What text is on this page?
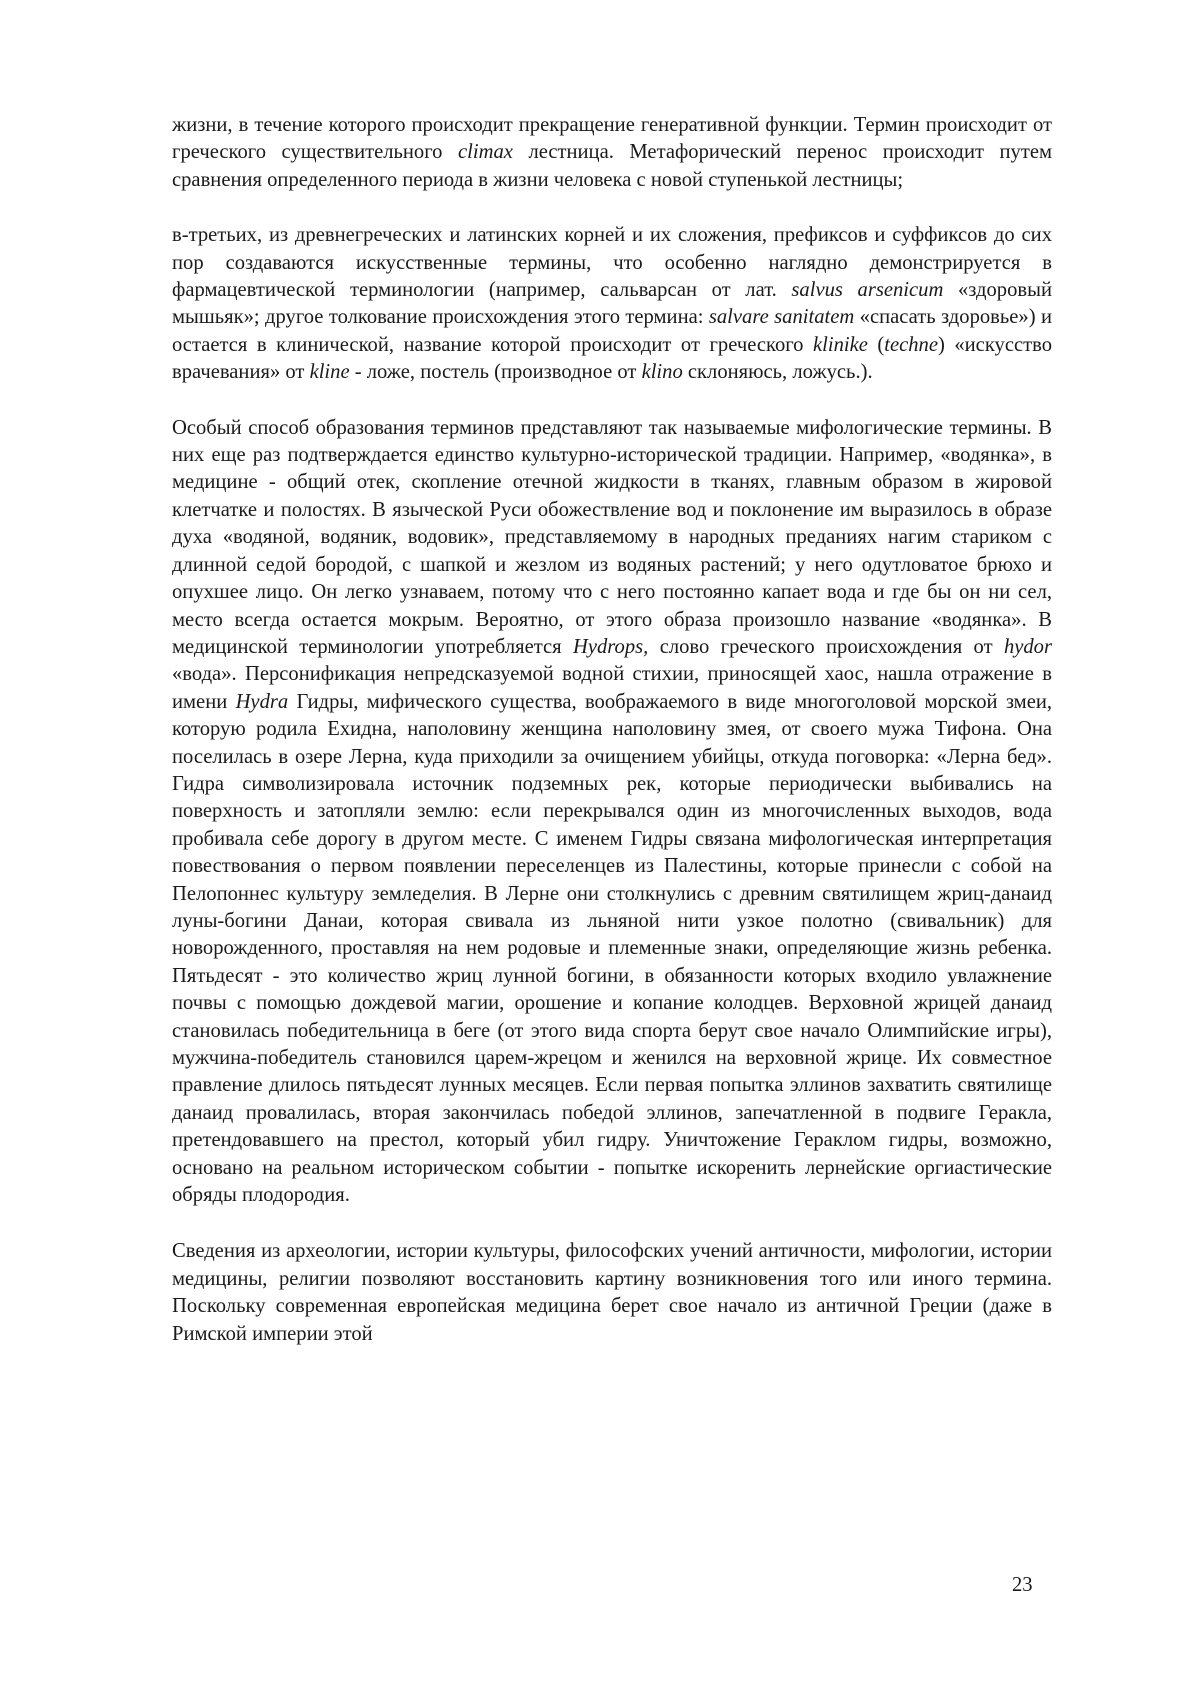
жизни, в течение которого происходит прекращение генеративной функции. Термин происходит от греческого существительного climax лестница. Метафорический перенос происходит путем сравнения определенного периода в жизни человека с новой ступенькой лестницы;

в-третьих, из древнегреческих и латинских корней и их сложения, префиксов и суффиксов до сих пор создаваются искусственные термины, что особенно наглядно демонстрируется в фармацевтической терминологии (например, сальварсан от лат. salvus arsenicum «здоровый мышьяк»; другое толкование происхождения этого термина: salvare sanitatem «спасать здоровье») и остается в клинической, название которой происходит от греческого klinike (techne) «искусство врачевания» от kline - ложе, постель (производное от klino склоняюсь, ложусь.).

Особый способ образования терминов представляют так называемые мифологические термины. В них еще раз подтверждается единство культурно-исторической традиции. Например, «водянка», в медицине - общий отек, скопление отечной жидкости в тканях, главным образом в жировой клетчатке и полостях. В языческой Руси обожествление вод и поклонение им выразилось в образе духа «водяной, водяник, водовик», представляемому в народных преданиях нагим стариком с длинной седой бородой, с шапкой и жезлом из водяных растений; у него одутловатое брюхо и опухшее лицо. Он легко узнаваем, потому что с него постоянно капает вода и где бы он ни сел, место всегда остается мокрым. Вероятно, от этого образа произошло название «водянка». В медицинской терминологии употребляется Hydrops, слово греческого происхождения от hydor «вода». Персонификация непредсказуемой водной стихии, приносящей хаос, нашла отражение в имени Hydra Гидры, мифического существа, воображаемого в виде многоголовой морской змеи, которую родила Ехидна, наполовину женщина наполовину змея, от своего мужа Тифона. Она поселилась в озере Лерна, куда приходили за очищением убийцы, откуда поговорка: «Лерна бед». Гидра символизировала источник подземных рек, которые периодически выбивались на поверхность и затопляли землю: если перекрывался один из многочисленных выходов, вода пробивала себе дорогу в другом месте. С именем Гидры связана мифологическая интерпретация повествования о первом появлении переселенцев из Палестины, которые принесли с собой на Пелопоннес культуру земледелия. В Лерне они столкнулись с древним святилищем жриц-данаид луны-богини Данаи, которая свивала из льняной нити узкое полотно (свивальник) для новорожденного, проставляя на нем родовые и племенные знаки, определяющие жизнь ребенка. Пятьдесят - это количество жриц лунной богини, в обязанности которых входило увлажнение почвы с помощью дождевой магии, орошение и копание колодцев. Верховной жрицей данаид становилась победительница в беге (от этого вида спорта берут свое начало Олимпийские игры), мужчина-победитель становился царем-жрецом и женился на верховной жрице. Их совместное правление длилось пятьдесят лунных месяцев. Если первая попытка эллинов захватить святилище данаид провалилась, вторая закончилась победой эллинов, запечатленной в подвиге Геракла, претендовавшего на престол, который убил гидру. Уничтожение Гераклом гидры, возможно, основано на реальном историческом событии - попытке искоренить лернейские оргиастические обряды плодородия.

Сведения из археологии, истории культуры, философских учений античности, мифологии, истории медицины, религии позволяют восстановить картину возникновения того или иного термина. Поскольку современная европейская медицина берет свое начало из античной Греции (даже в Римской империи этой

23
